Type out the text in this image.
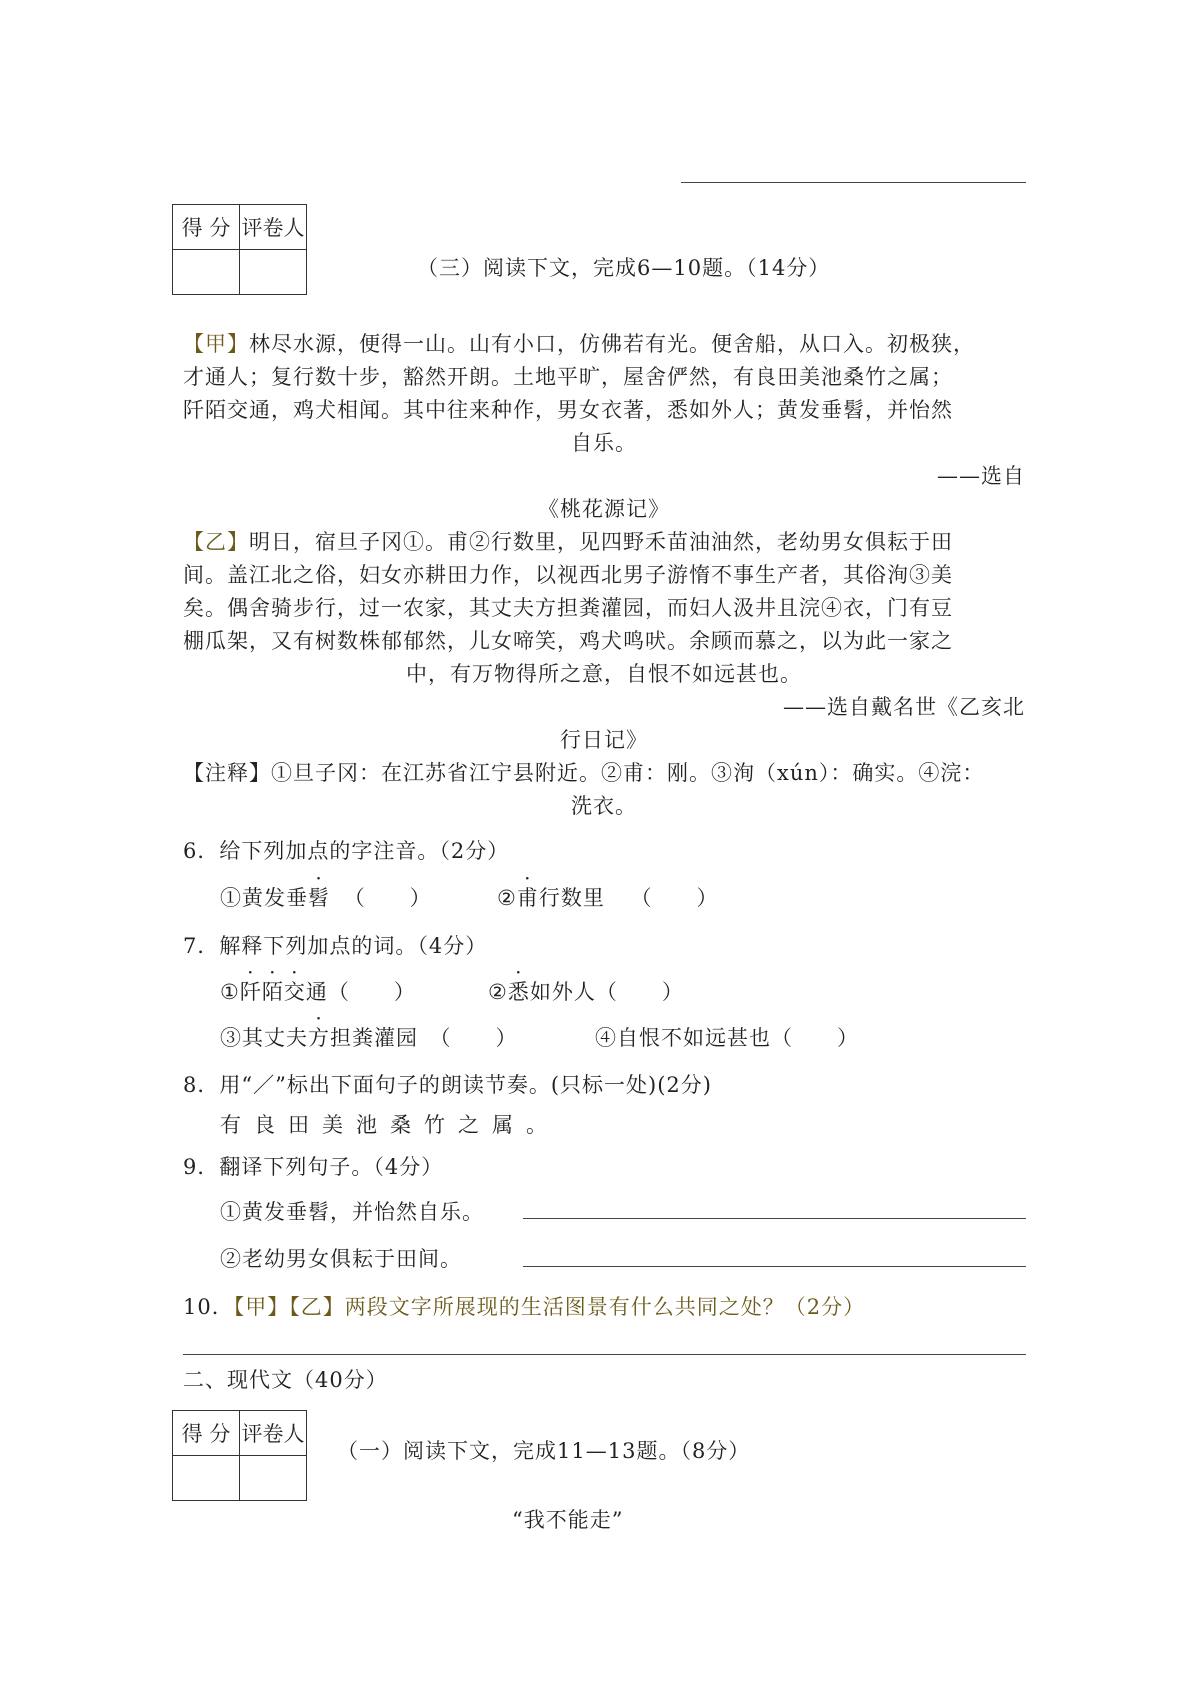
得 分	评卷人

（三）阅读下文，完成6—10题。（14分）
【甲】林尽水源，便得一山。山有小口，仿佛若有光。便舍船，从口入。初极狭，
才通人；复行数十步，豁然开朗。土地平旷，屋舍俨然，有良田美池桑竹之属；
阡陌交通，鸡犬相闻。其中往来种作，男女衣著，悉如外人；黄发垂髫，并怡然
自乐。
——选自
《桃花源记》
【乙】明日，宿旦子冈①。甫②行数里，见四野禾苗油油然，老幼男女俱耘于田
间。盖江北之俗，妇女亦耕田力作，以视西北男子游惰不事生产者，其俗洵③美
矣。偶舍骑步行，过一农家，其丈夫方担粪灌园，而妇人汲井且浣④衣，门有豆
棚瓜架，又有树数株郁郁然，儿女啼笑，鸡犬鸣吠。余顾而慕之，以为此一家之
中，有万物得所之意，自恨不如远甚也。
——选自戴名世《乙亥北
行日记》
【注释】①旦子冈：在江苏省江宁县附近。②甫：刚。③洵（xún）：确实。④浣：
洗衣。
6．给下列加点的字注音。（2分）
①黄发垂髫 （　　）	②甫行数里 （　　）
7．解释下列加点的词。（4分）
①阡陌交通（　　）	②悉如外人（　　）
③其丈夫方担粪灌园　（　　）	④自恨不如远甚也（　　）
8．用“／”标出下面句子的朗读节奏。(只标一处)(2分)
有良田美池桑竹之属。
9．翻译下列句子。（4分）
①黄发垂髫，并怡然自乐。
②老幼男女俱耘于田间。
10．【甲】【乙】两段文字所展现的生活图景有什么共同之处？（2分）
二、现代文（40分）
得 分	评卷人

（一）阅读下文，完成11—13题。（8分）
“我不能走”
